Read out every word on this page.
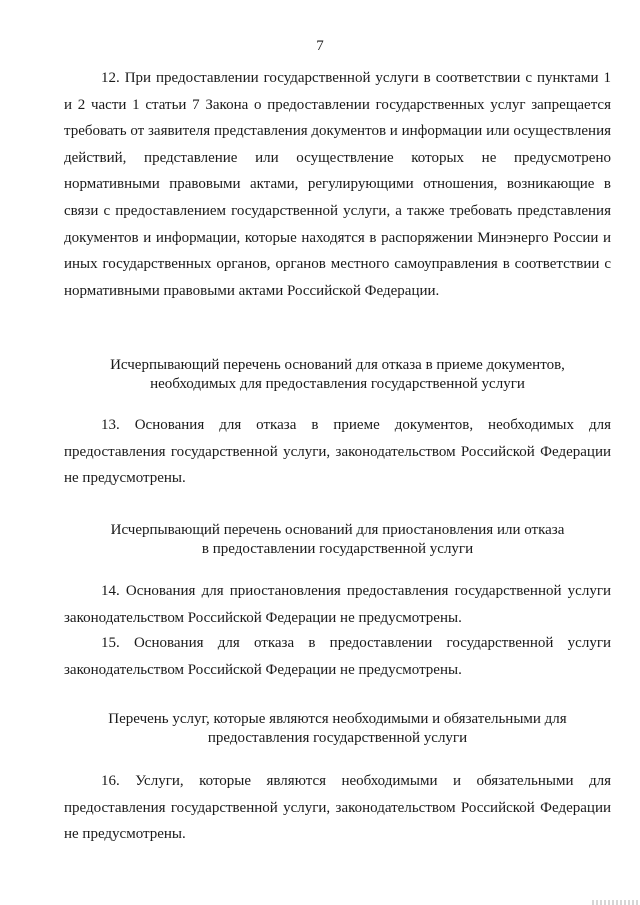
7

12. При предоставлении государственной услуги в соответствии с пунктами 1 и 2 части 1 статьи 7 Закона о предоставлении государственных услуг запрещается требовать от заявителя представления документов и информации или осуществления действий, представление или осуществление которых не предусмотрено нормативными правовыми актами, регулирующими отношения, возникающие в связи с предоставлением государственной услуги, а также требовать представления документов и информации, которые находятся в распоряжении Минэнерго России и иных государственных органов, органов местного самоуправления в соответствии с нормативными правовыми актами Российской Федерации.

Исчерпывающий перечень оснований для отказа в приеме документов,
необходимых для предоставления государственной услуги

13. Основания для отказа в приеме документов, необходимых для предоставления государственной услуги, законодательством Российской Федерации не предусмотрены.

Исчерпывающий перечень оснований для приостановления или отказа
в предоставлении государственной услуги

14. Основания для приостановления предоставления государственной услуги законодательством Российской Федерации не предусмотрены.

15. Основания для отказа в предоставлении государственной услуги законодательством Российской Федерации не предусмотрены.

Перечень услуг, которые являются необходимыми и обязательными для
предоставления государственной услуги

16. Услуги, которые являются необходимыми и обязательными для предоставления государственной услуги, законодательством Российской Федерации не предусмотрены.
